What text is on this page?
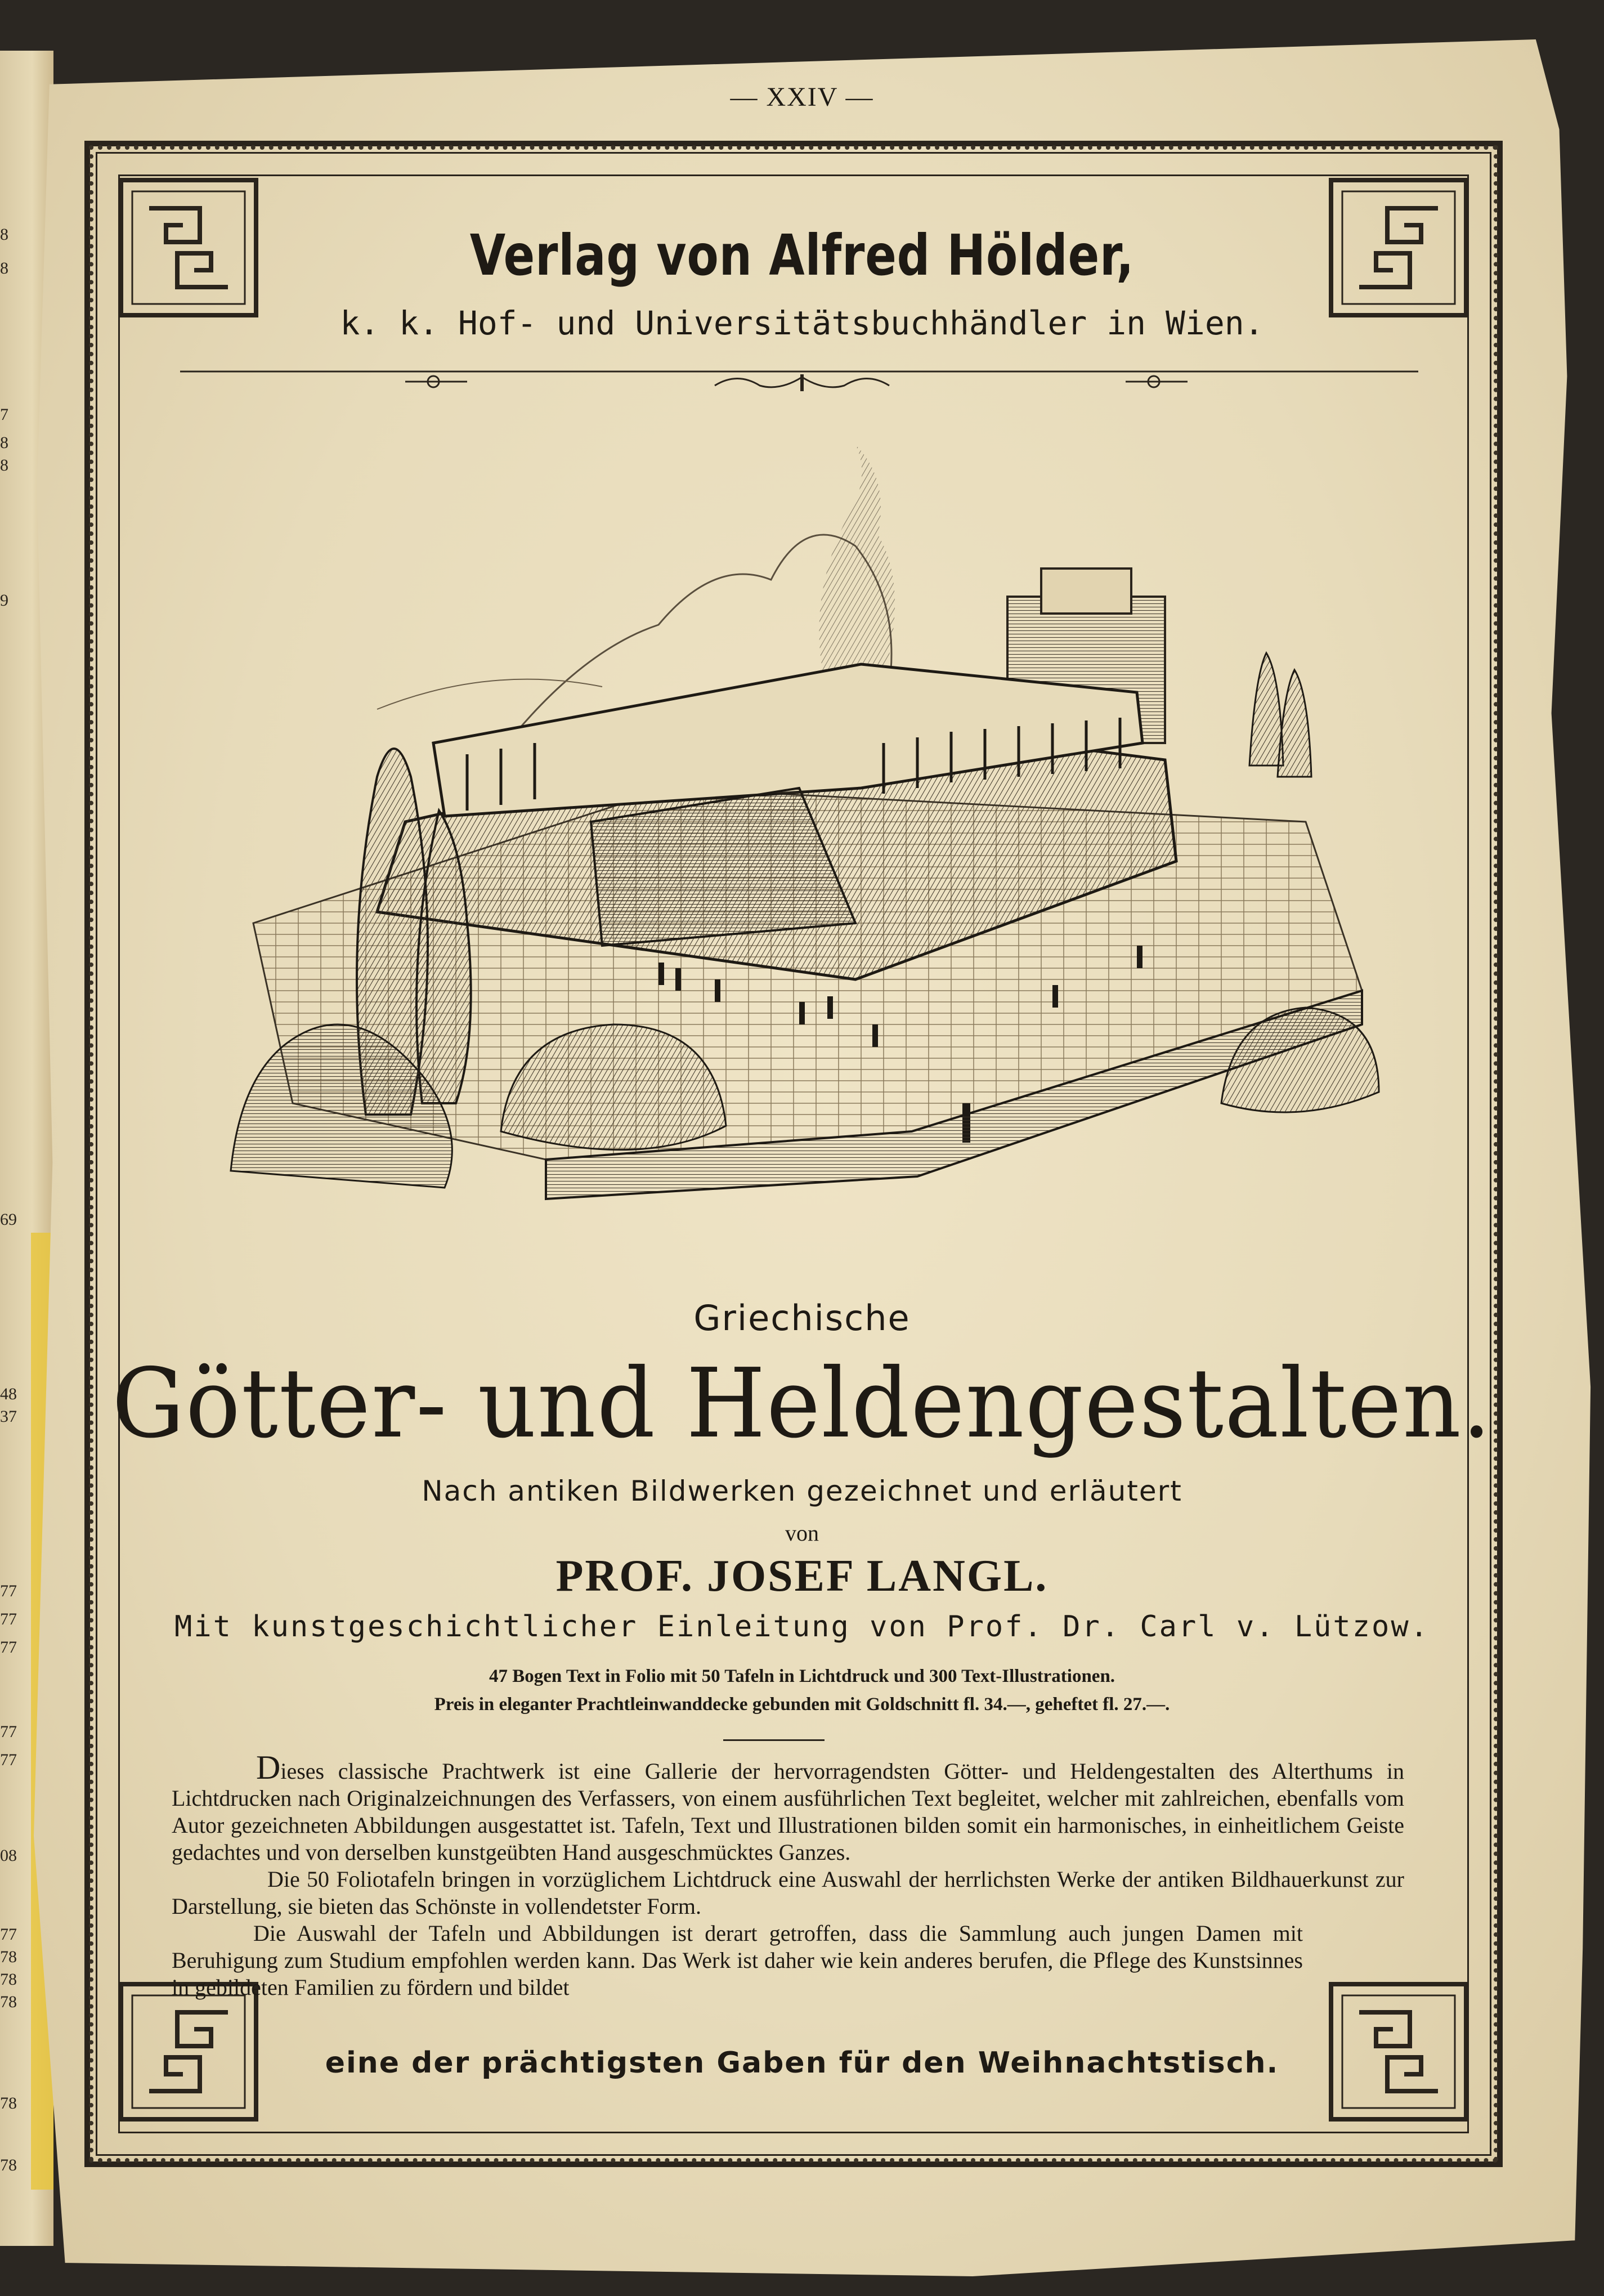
8
8
7
8
8
9
69
48
37
77
77
77
77
77
08
77
78
78
78
78
78
— XXIV —
Verlag von Alfred Hölder,
k. k. Hof- und Universitätsbuchhändler in Wien.
Griechische
Götter- und Heldengestalten.
Nach antiken Bildwerken gezeichnet und erläutert
von
PROF. JOSEF LANGL.
Mit kunstgeschichtlicher Einleitung von Prof. Dr. Carl v. Lützow.
47 Bogen Text in Folio mit 50 Tafeln in Lichtdruck und 300 Text-Illustrationen.
Preis in eleganter Prachtleinwanddecke gebunden mit Goldschnitt fl. 34.—, geheftet fl. 27.—.

Dieses classische Prachtwerk ist eine Gallerie der hervorragendsten Götter- und Heldengestalten des Alterthums in Lichtdrucken nach Originalzeichnungen des Verfassers, von einem ausführlichen Text begleitet, welcher mit zahlreichen, ebenfalls vom Autor gezeichneten Abbildungen ausgestattet ist. Tafeln, Text und Illustrationen bilden somit ein harmonisches, in einheitlichem Geiste gedachtes und von derselben kunstgeübten Hand ausgeschmücktes Ganzes.

Die 50 Foliotafeln bringen in vorzüglichem Lichtdruck eine Auswahl der herrlichsten Werke der antiken Bildhauerkunst zur Darstellung, sie bieten das Schönste in vollendetster Form.

Die Auswahl der Tafeln und Abbildungen ist derart getroffen, dass die Sammlung auch jungen Damen mit Beruhigung zum Studium empfohlen werden kann. Das Werk ist daher wie kein anderes berufen, die Pflege des Kunstsinnes in gebildeten Familien zu fördern und bildet

eine der prächtigsten Gaben für den Weihnachtstisch.
